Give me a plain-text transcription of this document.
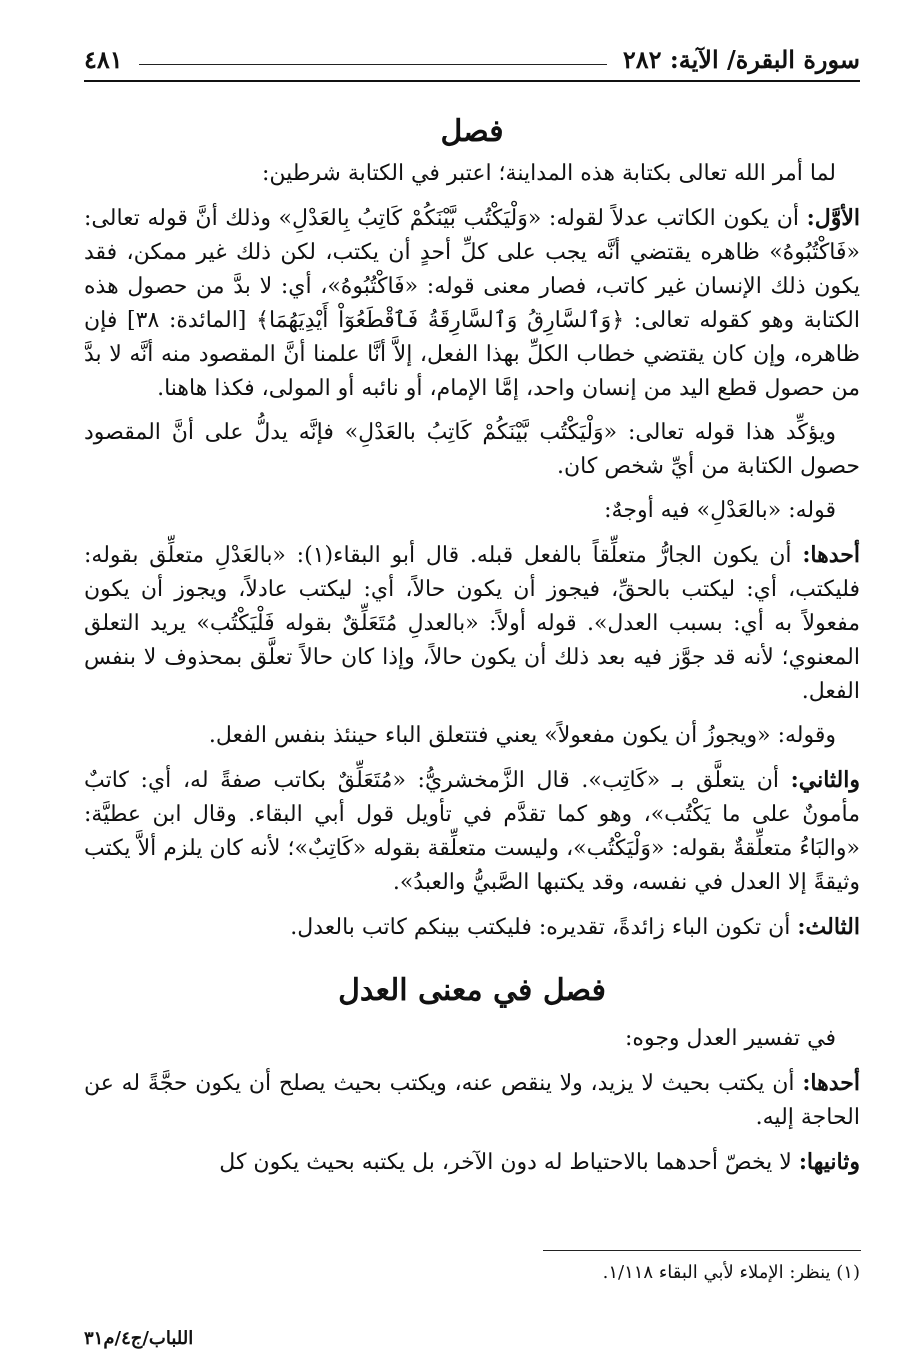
سورة البقرة/ الآية: ٢٨٢
٤٨١
فصل

لما أمر الله تعالى بكتابة هذه المداينة؛ اعتبر في الكتابة شرطين:

الأوَّل: أن يكون الكاتب عدلاً لقوله: «وَلْيَكْتُب بَّيْنَكُمْ كَاتِبُ بِالعَدْلِ» وذلك أنَّ قوله تعالى: «فَاكْتُبُوهُ» ظاهره يقتضي أنَّه يجب على كلِّ أحدٍ أن يكتب، لكن ذلك غير ممكن، فقد يكون ذلك الإنسان غير كاتب، فصار معنى قوله: «فَاكْتُبُوهُ»، أي: لا بدَّ من حصول هذه الكتابة وهو كقوله تعالى: ﴿وَٱلسَّارِقُ وَٱلسَّارِقَةُ فَٱقْطَعُوٓاْ أَيْدِيَهُمَا﴾ [المائدة: ٣٨] فإن ظاهره، وإن كان يقتضي خطاب الكلِّ بهذا الفعل، إلاَّ أنَّا علمنا أنَّ المقصود منه أنَّه لا بدَّ من حصول قطع اليد من إنسان واحد، إمَّا الإمام، أو نائبه أو المولى، فكذا هاهنا.

ويؤكِّد هذا قوله تعالى: «وَلْيَكْتُب بَّيْنَكُمْ كَاتِبُ بالعَدْلِ» فإنَّه يدلُّ على أنَّ المقصود حصول الكتابة من أيِّ شخص كان.

قوله: «بالعَدْلِ» فيه أوجهٌ:

أحدها: أن يكون الجارُّ متعلِّقاً بالفعل قبله. قال أبو البقاء(١): «بالعَدْلِ متعلِّق بقوله: فليكتب، أي: ليكتب بالحقِّ، فيجوز أن يكون حالاً، أي: ليكتب عادلاً، ويجوز أن يكون مفعولاً به أي: بسبب العدل». قوله أولاً: «بالعدلِ مُتَعَلِّقٌ بقوله فَلْيَكْتُب» يريد التعلق المعنوي؛ لأنه قد جوَّز فيه بعد ذلك أن يكون حالاً، وإذا كان حالاً تعلَّق بمحذوف لا بنفس الفعل.

وقوله: «ويجوزُ أن يكون مفعولاً» يعني فتتعلق الباء حينئذ بنفس الفعل.

والثاني: أن يتعلَّق بـ «كَاتِب». قال الزَّمخشريُّ: «مُتَعَلِّقٌ بكاتب صفةً له، أي: كاتبٌ مأمونٌ على ما يَكْتُب»، وهو كما تقدَّم في تأويل قول أبي البقاء. وقال ابن عطيَّة: «والبَاءُ متعلِّقةٌ بقوله: «وَلْيَكْتُب»، وليست متعلِّقة بقوله «كَاتِبٌ»؛ لأنه كان يلزم ألاَّ يكتب وثيقةً إلا العدل في نفسه، وقد يكتبها الصَّبيُّ والعبدُ».

الثالث: أن تكون الباء زائدةً، تقديره: فليكتب بينكم كاتب بالعدل.

فصل في معنى العدل

في تفسير العدل وجوه:

أحدها: أن يكتب بحيث لا يزيد، ولا ينقص عنه، ويكتب بحيث يصلح أن يكون حجَّةً له عن الحاجة إليه.

وثانيها: لا يخصّ أحدهما بالاحتياط له دون الآخر، بل يكتبه بحيث يكون كل

(١) ينظر: الإملاء لأبي البقاء ١/١١٨.
اللباب/ج٤/م٣١
